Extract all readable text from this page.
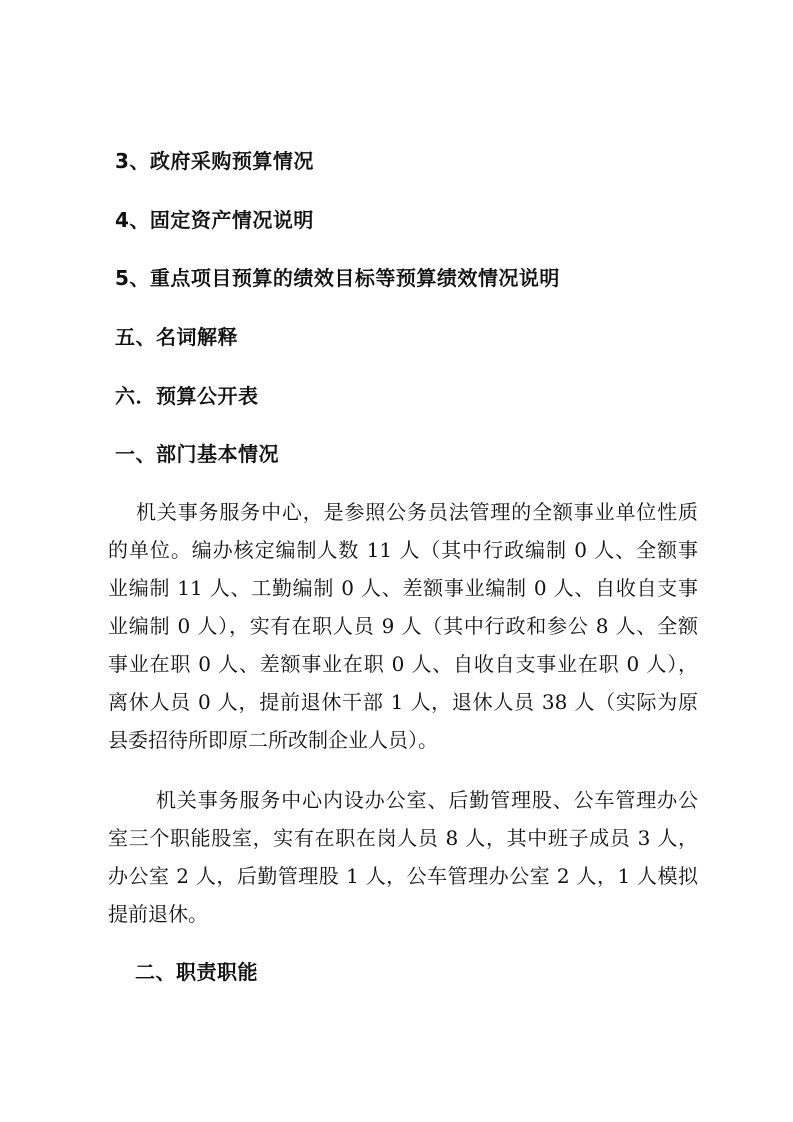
3、政府采购预算情况
4、固定资产情况说明
5、重点项目预算的绩效目标等预算绩效情况说明
五、名词解释
六．预算公开表
一、部门基本情况
机关事务服务中心，是参照公务员法管理的全额事业单位性质
的单位。编办核定编制人数 11 人（其中行政编制 0 人、全额事
业编制 11 人、工勤编制 0 人、差额事业编制 0 人、自收自支事
业编制 0 人），实有在职人员 9 人（其中行政和参公 8 人、全额
事业在职 0 人、差额事业在职 0 人、自收自支事业在职 0 人），
离休人员 0 人，提前退休干部 1 人，退休人员 38 人（实际为原
县委招待所即原二所改制企业人员）。
机关事务服务中心内设办公室、后勤管理股、公车管理办公
室三个职能股室，实有在职在岗人员 8 人，其中班子成员 3 人，
办公室 2 人，后勤管理股 1 人，公车管理办公室 2 人，1 人模拟
提前退休。
二、职责职能
